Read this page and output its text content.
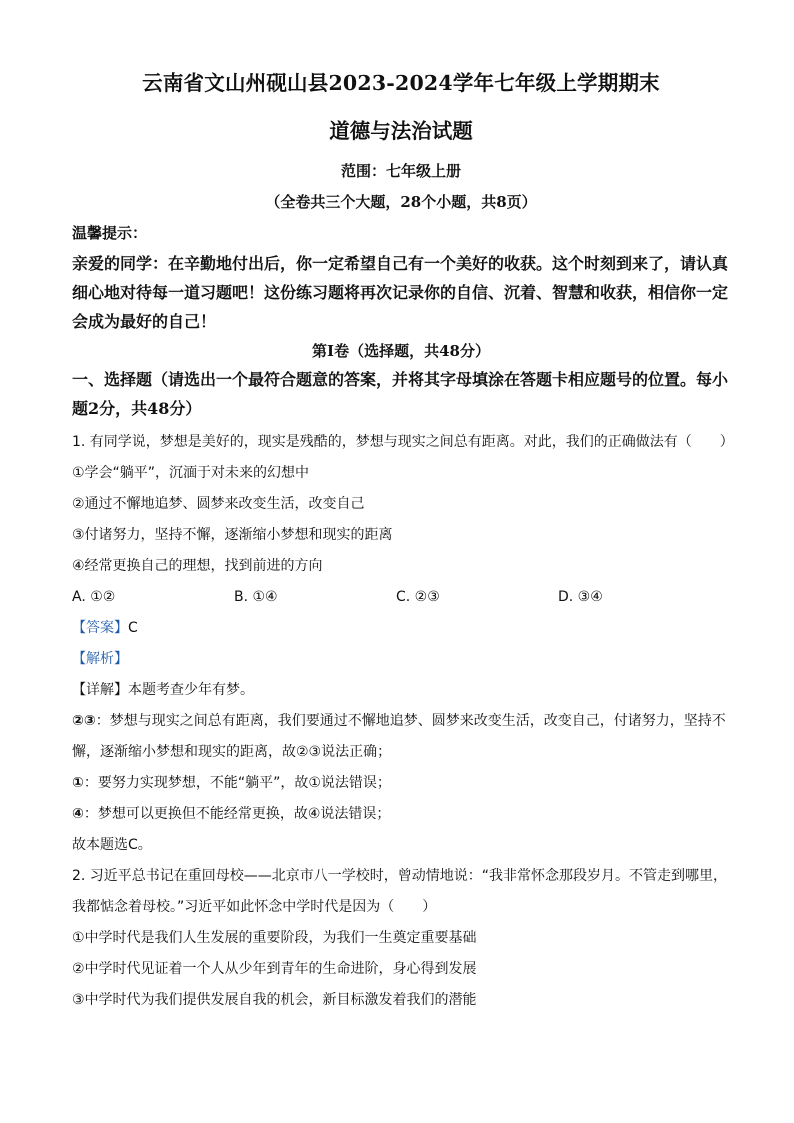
云南省文山州砚山县2023-2024学年七年级上学期期末
道德与法治试题
范围：七年级上册
（全卷共三个大题，28个小题，共8页）
温馨提示：
亲爱的同学：在辛勤地付出后，你一定希望自己有一个美好的收获。这个时刻到来了，请认真细心地对待每一道习题吧！这份练习题将再次记录你的自信、沉着、智慧和收获，相信你一定会成为最好的自己！
第Ⅰ卷（选择题，共48分）
一、选择题（请选出一个最符合题意的答案，并将其字母填涂在答题卡相应题号的位置。每小题2分，共48分）

1. 有同学说，梦想是美好的，现实是残酷的，梦想与现实之间总有距离。对此，我们的正确做法有（　　）

①学会“躺平”，沉湎于对未来的幻想中

②通过不懈地追梦、圆梦来改变生活，改变自己

③付诸努力，坚持不懈，逐渐缩小梦想和现实的距离

④经常更换自己的理想，找到前进的方向

A. ①②	B. ①④	C. ②③	D. ③④

【答案】C

【解析】

【详解】本题考查少年有梦。

②③：梦想与现实之间总有距离，我们要通过不懈地追梦、圆梦来改变生活，改变自己，付诸努力，坚持不懈，逐渐缩小梦想和现实的距离，故②③说法正确；

①：要努力实现梦想，不能“躺平”，故①说法错误；

④：梦想可以更换但不能经常更换，故④说法错误；

故本题选C。

2. 习近平总书记在重回母校——北京市八一学校时，曾动情地说：“我非常怀念那段岁月。不管走到哪里，我都惦念着母校。”习近平如此怀念中学时代是因为（　　）

①中学时代是我们人生发展的重要阶段，为我们一生奠定重要基础

②中学时代见证着一个人从少年到青年的生命进阶，身心得到发展

③中学时代为我们提供发展自我的机会，新目标激发着我们的潜能
